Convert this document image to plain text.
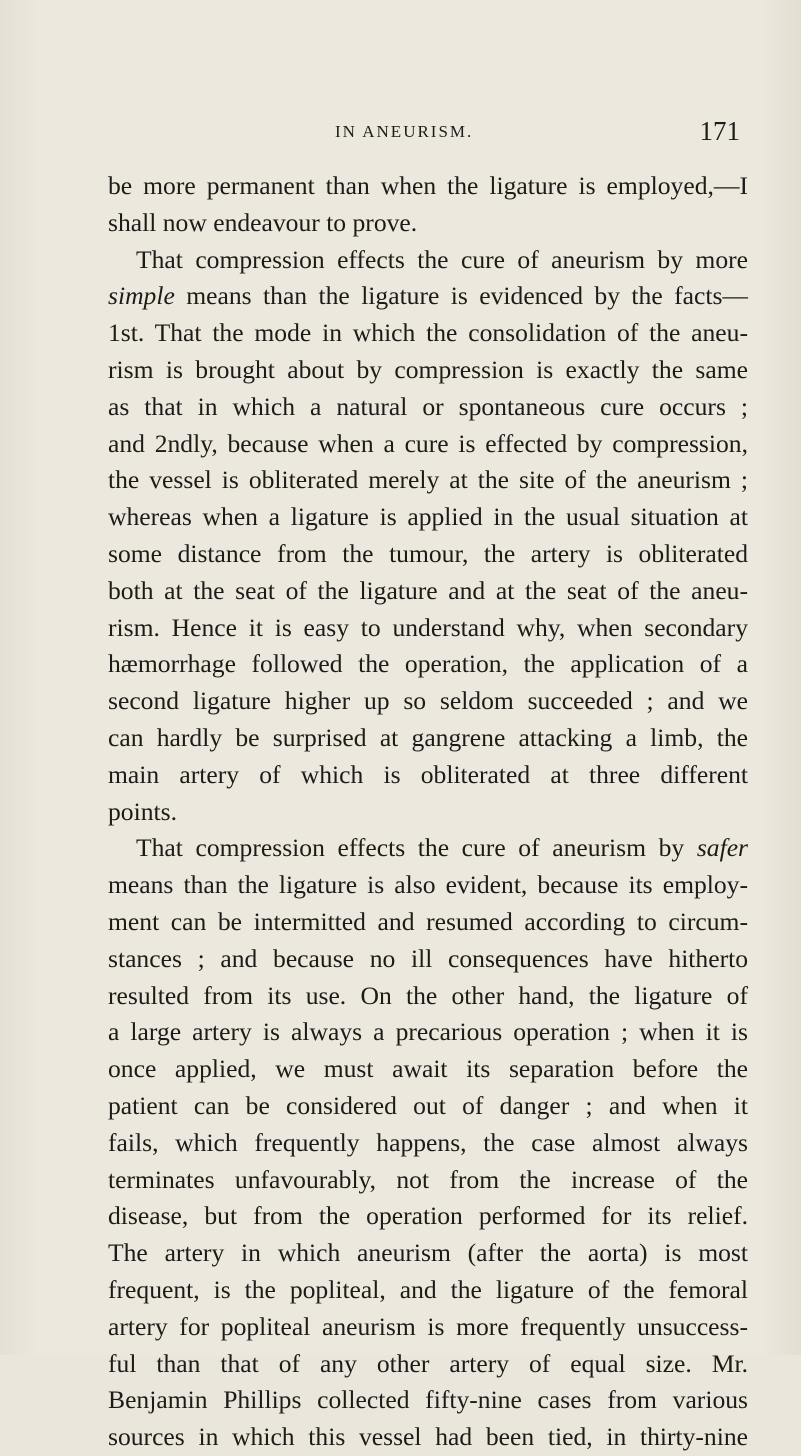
IN ANEURISM.	171
be more permanent than when the ligature is employed,—I
shall now endeavour to prove.
That compression effects the cure of aneurism by more
simple means than the ligature is evidenced by the facts—
1st. That the mode in which the consolidation of the aneu-
rism is brought about by compression is exactly the same
as that in which a natural or spontaneous cure occurs ;
and 2ndly, because when a cure is effected by compression,
the vessel is obliterated merely at the site of the aneurism ;
whereas when a ligature is applied in the usual situation at
some distance from the tumour, the artery is obliterated
both at the seat of the ligature and at the seat of the aneu-
rism. Hence it is easy to understand why, when secondary
hæmorrhage followed the operation, the application of a
second ligature higher up so seldom succeeded ; and we
can hardly be surprised at gangrene attacking a limb, the
main artery of which is obliterated at three different
points.
That compression effects the cure of aneurism by safer
means than the ligature is also evident, because its employ-
ment can be intermitted and resumed according to circum-
stances ; and because no ill consequences have hitherto
resulted from its use. On the other hand, the ligature of
a large artery is always a precarious operation ; when it is
once applied, we must await its separation before the
patient can be considered out of danger ; and when it
fails, which frequently happens, the case almost always
terminates unfavourably, not from the increase of the
disease, but from the operation performed for its relief.
The artery in which aneurism (after the aorta) is most
frequent, is the popliteal, and the ligature of the femoral
artery for popliteal aneurism is more frequently unsuccess-
ful than that of any other artery of equal size. Mr.
Benjamin Phillips collected fifty-nine cases from various
sources in which this vessel had been tied, in thirty-nine
